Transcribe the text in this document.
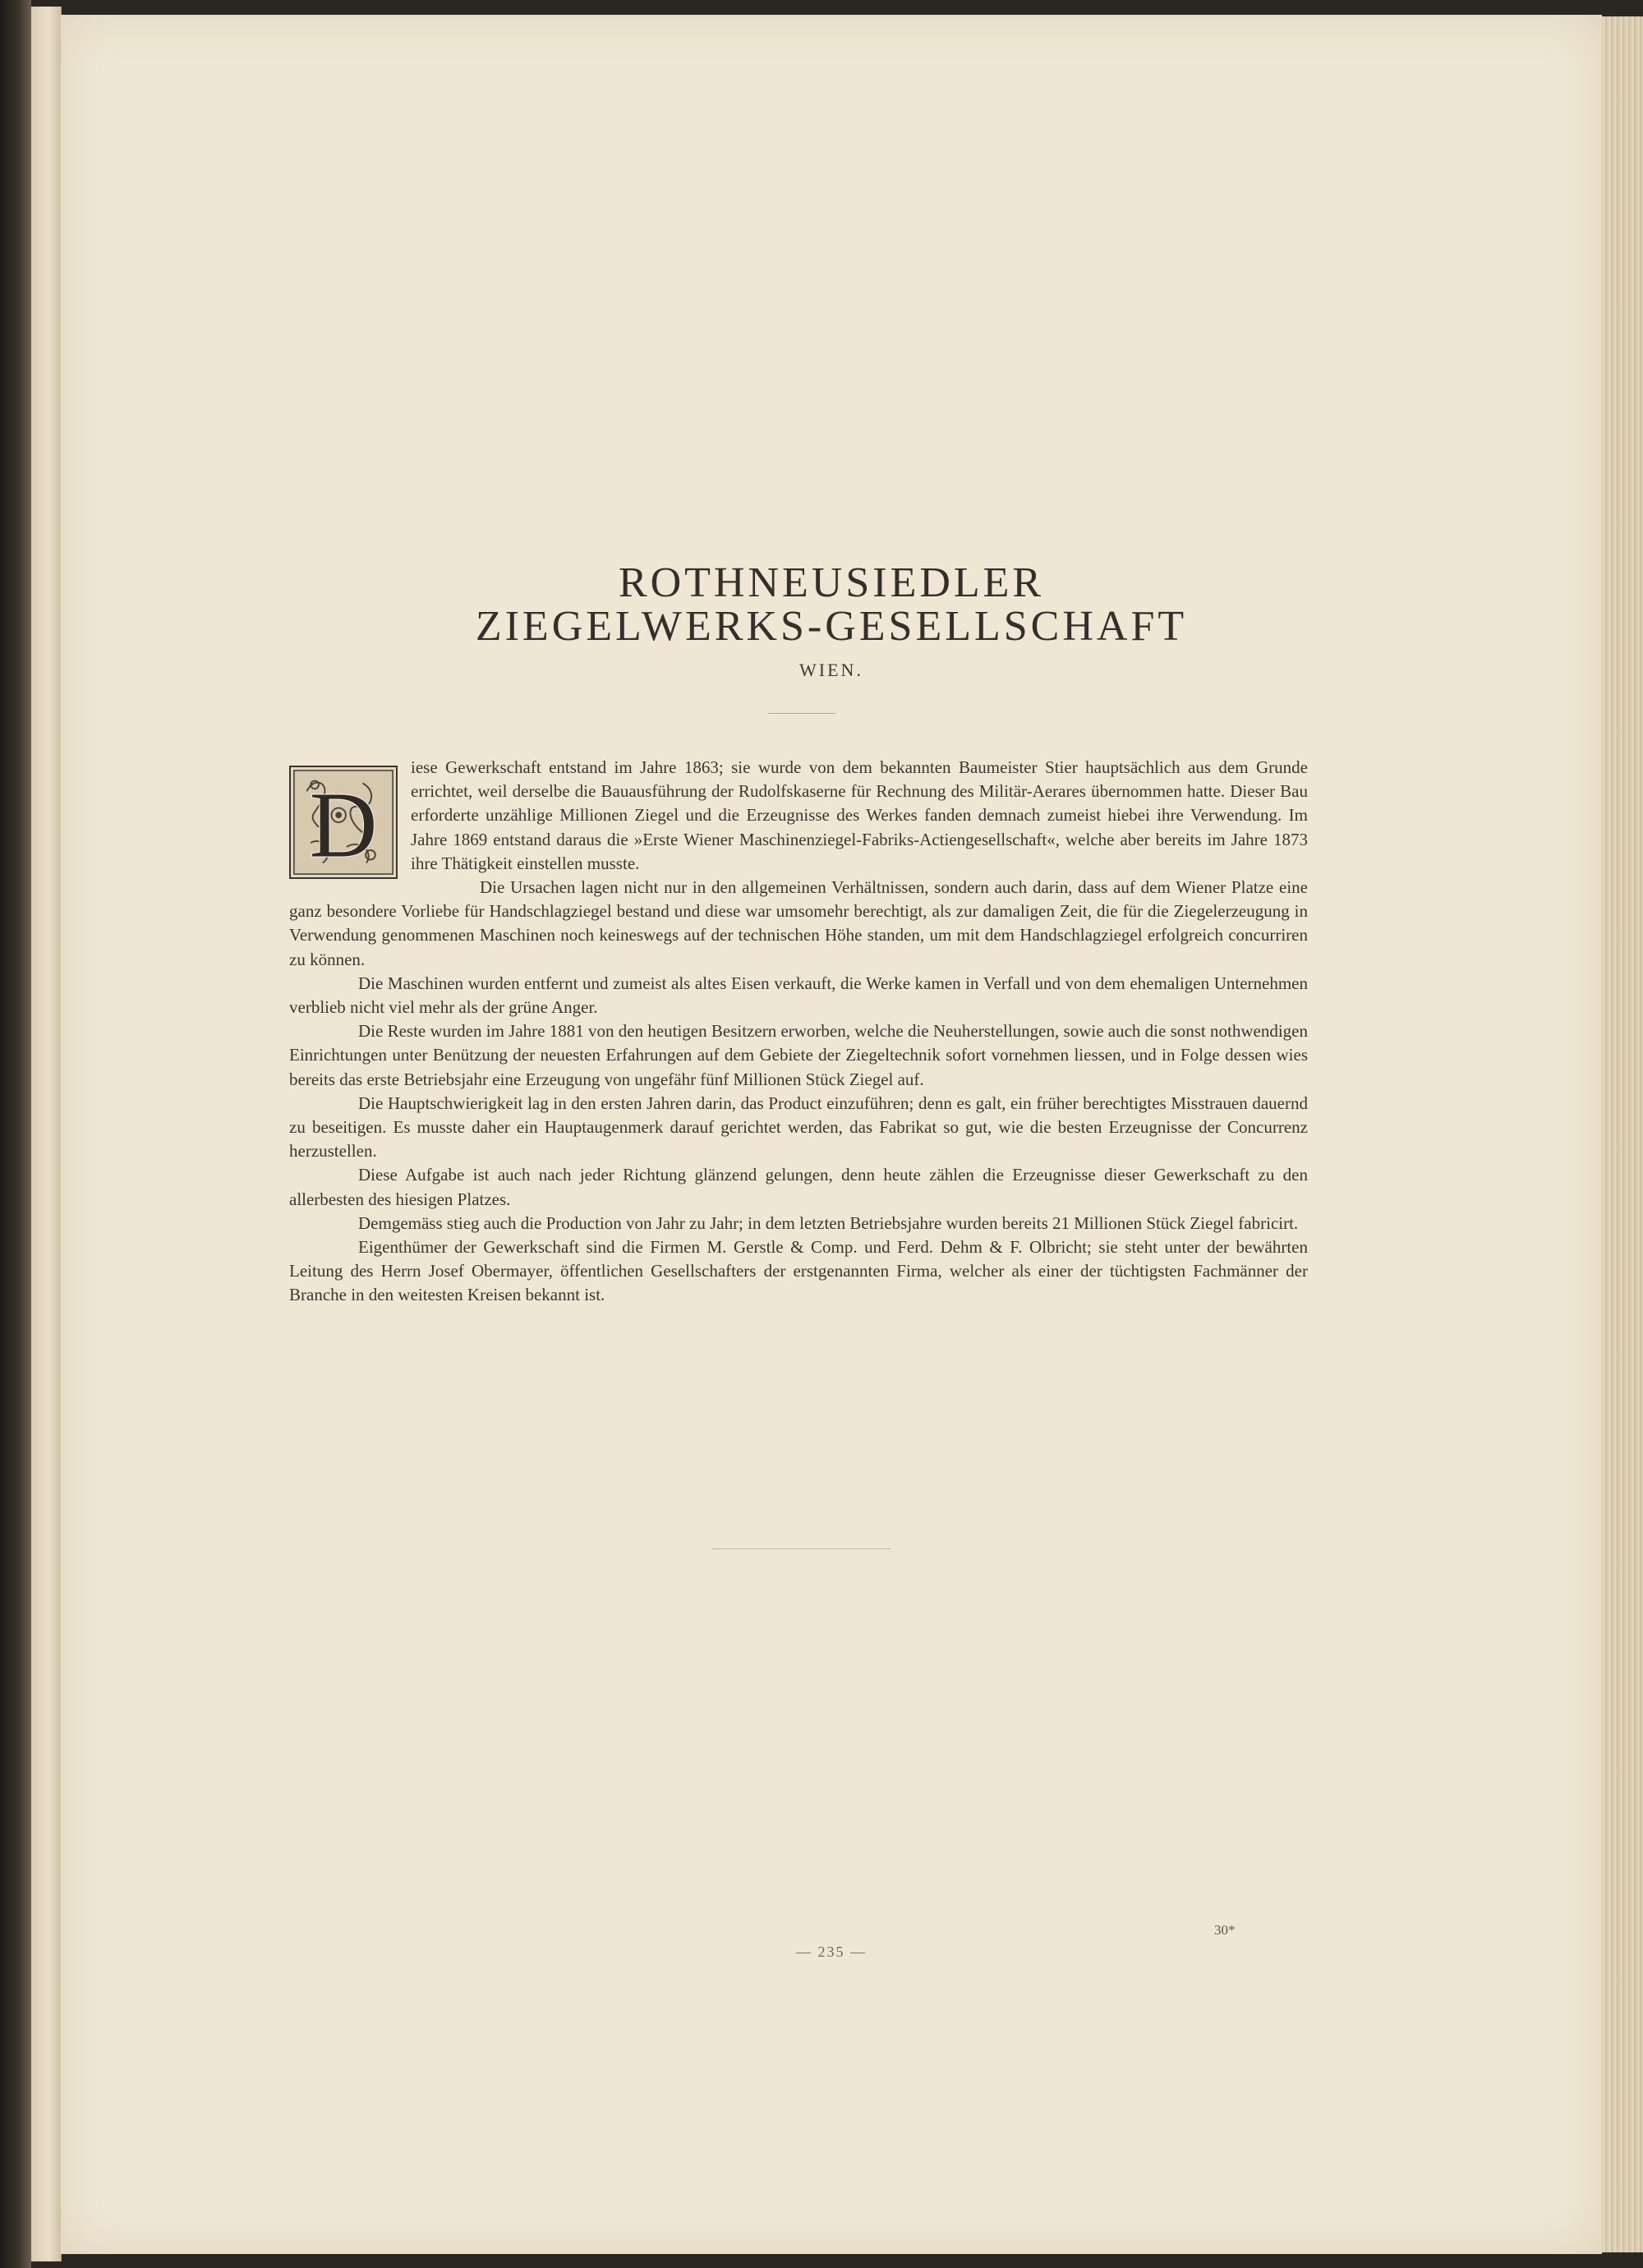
ROTHNEUSIEDLER
ZIEGELWERKS-GESELLSCHAFT
WIEN.
D

iese Gewerkschaft entstand im Jahre 1863; sie wurde von dem bekannten Baumeister Stier hauptsächlich aus dem Grunde errichtet, weil derselbe die Bauausführung der Rudolfskaserne für Rechnung des Militär-Aerares übernommen hatte. Dieser Bau erforderte unzählige Millionen Ziegel und die Erzeugnisse des Werkes fanden demnach zumeist hiebei ihre Verwendung. Im Jahre 1869 entstand daraus die »Erste Wiener Maschinenziegel-Fabriks-Actiengesellschaft«, welche aber bereits im Jahre 1873 ihre Thätigkeit einstellen musste.

Die Ursachen lagen nicht nur in den allgemeinen Verhältnissen, sondern auch darin, dass auf dem Wiener Platze eine ganz besondere Vorliebe für Handschlagziegel bestand und diese war umsomehr berechtigt, als zur damaligen Zeit, die für die Ziegelerzeugung in Verwendung genommenen Maschinen noch keineswegs auf der technischen Höhe standen, um mit dem Handschlagziegel erfolgreich concurriren zu können.

Die Maschinen wurden entfernt und zumeist als altes Eisen verkauft, die Werke kamen in Verfall und von dem ehemaligen Unternehmen verblieb nicht viel mehr als der grüne Anger.

Die Reste wurden im Jahre 1881 von den heutigen Besitzern erworben, welche die Neuherstellungen, sowie auch die sonst nothwendigen Einrichtungen unter Benützung der neuesten Erfahrungen auf dem Gebiete der Ziegeltechnik sofort vornehmen liessen, und in Folge dessen wies bereits das erste Betriebsjahr eine Erzeugung von ungefähr fünf Millionen Stück Ziegel auf.

Die Hauptschwierigkeit lag in den ersten Jahren darin, das Product einzuführen; denn es galt, ein früher berechtigtes Misstrauen dauernd zu beseitigen. Es musste daher ein Hauptaugenmerk darauf gerichtet werden, das Fabrikat so gut, wie die besten Erzeugnisse der Concurrenz herzustellen.

Diese Aufgabe ist auch nach jeder Richtung glänzend gelungen, denn heute zählen die Erzeugnisse dieser Gewerkschaft zu den allerbesten des hiesigen Platzes.

Demgemäss stieg auch die Production von Jahr zu Jahr; in dem letzten Betriebsjahre wurden bereits 21 Millionen Stück Ziegel fabricirt.

Eigenthümer der Gewerkschaft sind die Firmen M. Gerstle & Comp. und Ferd. Dehm & F. Olbricht; sie steht unter der bewährten Leitung des Herrn Josef Obermayer, öffentlichen Gesellschafters der erstgenannten Firma, welcher als einer der tüchtigsten Fachmänner der Branche in den weitesten Kreisen bekannt ist.

— 235 —
30*
